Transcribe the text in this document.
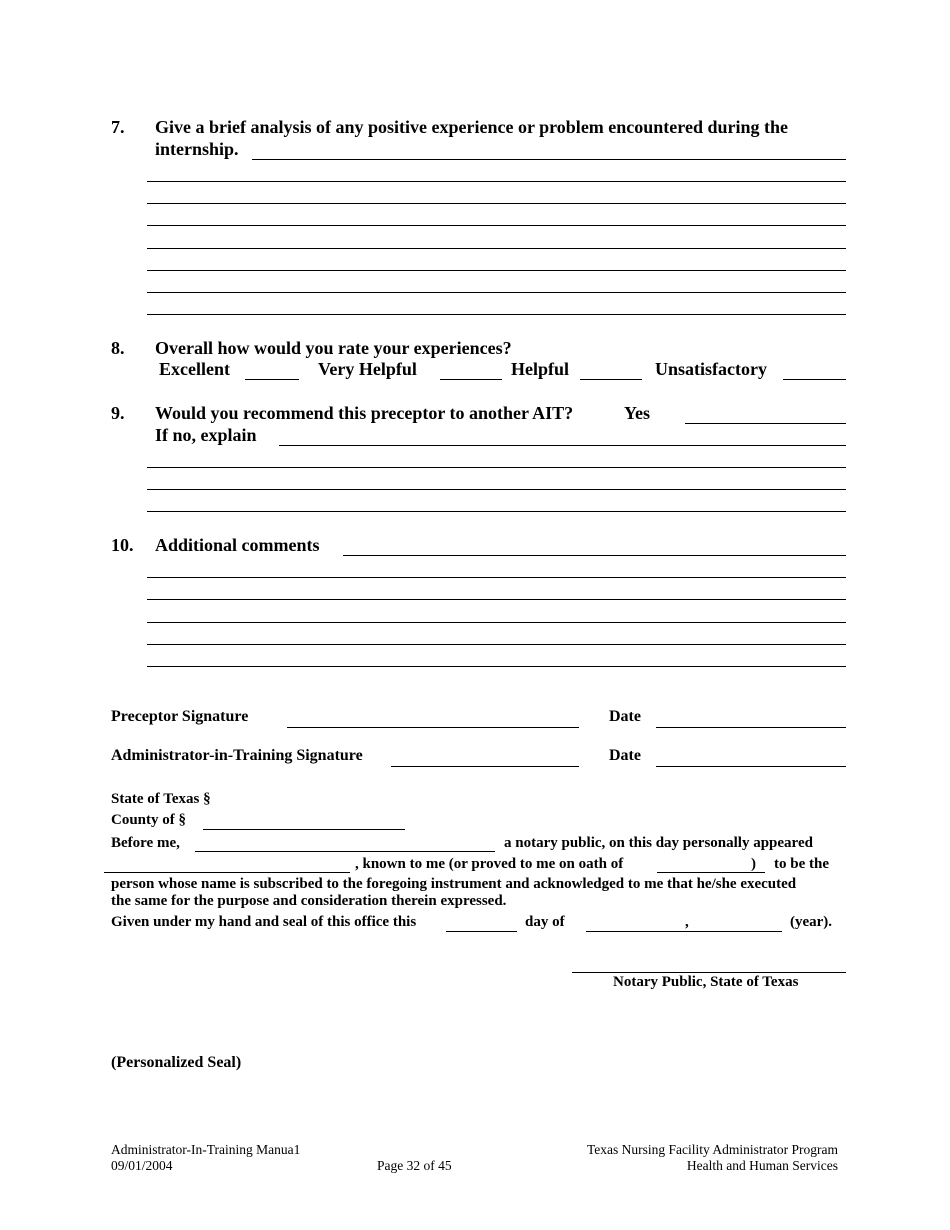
7. Give a brief analysis of any positive experience or problem encountered during the
internship.
8. Overall how would you rate your experiences?
Excellent	Very Helpful	Helpful	Unsatisfactory
9. Would you recommend this preceptor to another AIT?	Yes
If no, explain
10. Additional comments
Preceptor Signature	Date
Administrator-in-Training Signature	Date
State of Texas §
County of §
Before me,	a notary public, on this day personally appeared
, known to me (or proved to me on oath of	) to be the
person whose name is subscribed to the foregoing instrument and acknowledged to me that he/she executed
the same for the purpose and consideration therein expressed.
Given under my hand and seal of this office this	day of	,	(year).
Notary Public, State of Texas
(Personalized Seal)
Administrator-In-Training Manua1
09/01/2004	Page 32 of 45
Texas Nursing Facility Administrator Program
Health and Human Services
